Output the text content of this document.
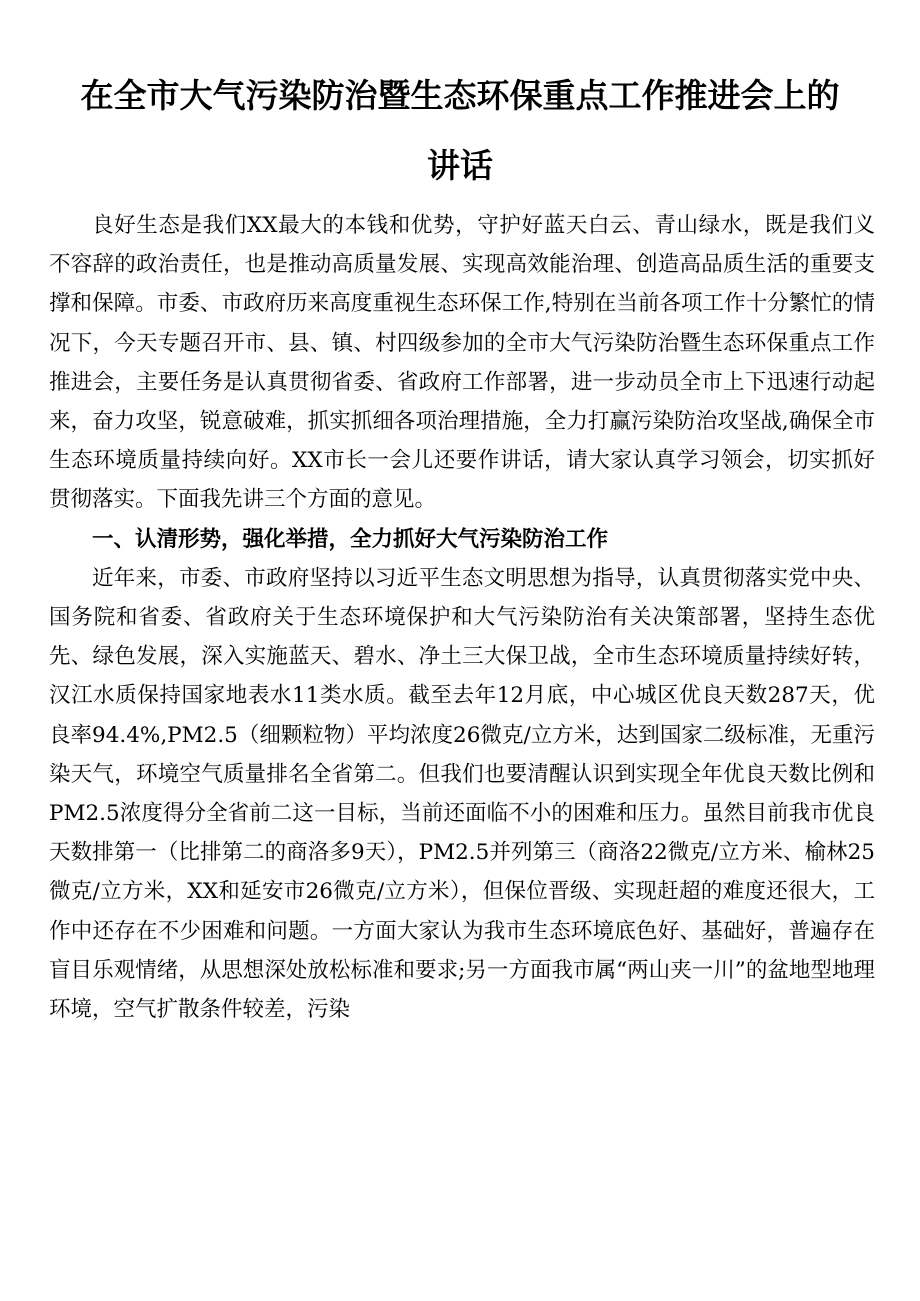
在全市大气污染防治暨生态环保重点工作推进会上的
讲话

良好生态是我们XX最大的本钱和优势，守护好蓝天白云、青山绿水，既是我们义不容辞的政治责任，也是推动高质量发展、实现高效能治理、创造高品质生活的重要支撑和保障。市委、市政府历来高度重视生态环保工作,特别在当前各项工作十分繁忙的情况下，今天专题召开市、县、镇、村四级参加的全市大气污染防治暨生态环保重点工作推进会，主要任务是认真贯彻省委、省政府工作部署，进一步动员全市上下迅速行动起来，奋力攻坚，锐意破难，抓实抓细各项治理措施，全力打赢污染防治攻坚战,确保全市生态环境质量持续向好。XX市长一会儿还要作讲话，请大家认真学习领会，切实抓好贯彻落实。下面我先讲三个方面的意见。

一、认清形势，强化举措，全力抓好大气污染防治工作

近年来，市委、市政府坚持以习近平生态文明思想为指导，认真贯彻落实党中央、国务院和省委、省政府关于生态环境保护和大气污染防治有关决策部署，坚持生态优先、绿色发展，深入实施蓝天、碧水、净土三大保卫战，全市生态环境质量持续好转，汉江水质保持国家地表水11类水质。截至去年12月底，中心城区优良天数287天，优良率94.4%,PM2.5（细颗粒物）平均浓度26微克/立方米，达到国家二级标准，无重污染天气，环境空气质量排名全省第二。但我们也要清醒认识到实现全年优良天数比例和PM2.5浓度得分全省前二这一目标，当前还面临不小的困难和压力。虽然目前我市优良天数排第一（比排第二的商洛多9天），PM2.5并列第三（商洛22微克/立方米、榆林25微克/立方米，XX和延安市26微克/立方米），但保位晋级、实现赶超的难度还很大，工作中还存在不少困难和问题。一方面大家认为我市生态环境底色好、基础好，普遍存在盲目乐观情绪，从思想深处放松标准和要求;另一方面我市属“两山夹一川”的盆地型地理环境，空气扩散条件较差，污染
